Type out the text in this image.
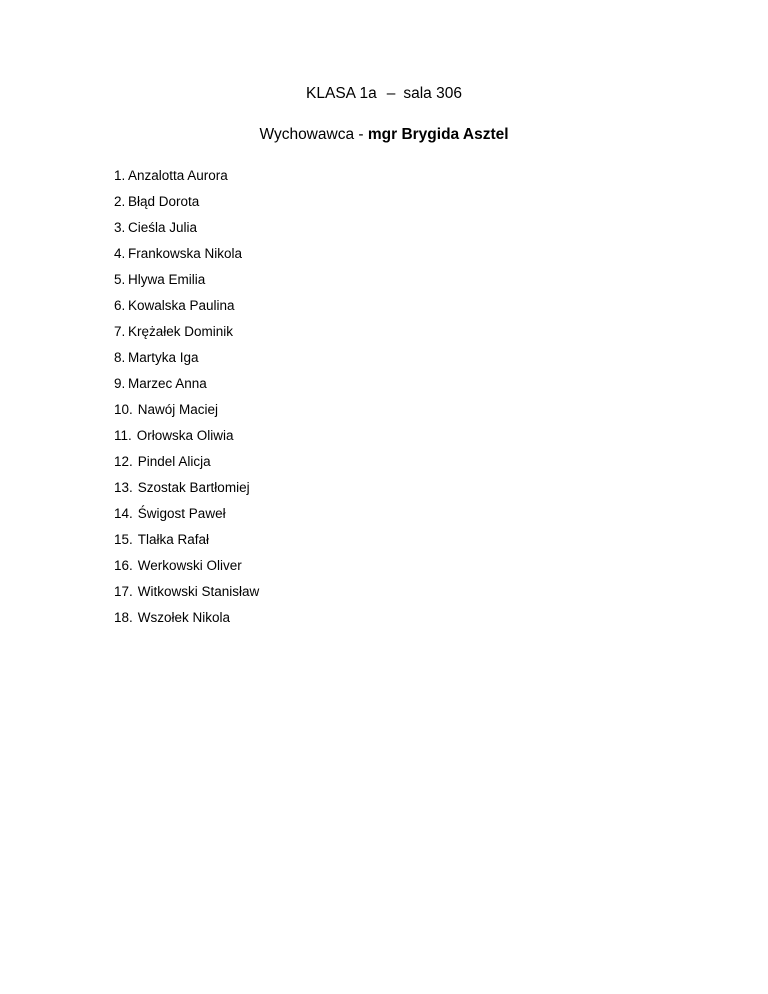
KLASA 1a – sala 306
Wychowawca - mgr Brygida Asztel
1. Anzalotta Aurora
2. Błąd Dorota
3. Cieśla Julia
4. Frankowska Nikola
5. Hlywa Emilia
6. Kowalska Paulina
7. Krężałek Dominik
8. Martyka Iga
9. Marzec Anna
10. Nawój Maciej
11. Orłowska Oliwia
12. Pindel Alicja
13. Szostak Bartłomiej
14. Świgost Paweł
15. Tlałka Rafał
16. Werkowski Oliver
17. Witkowski Stanisław
18. Wszołek Nikola
